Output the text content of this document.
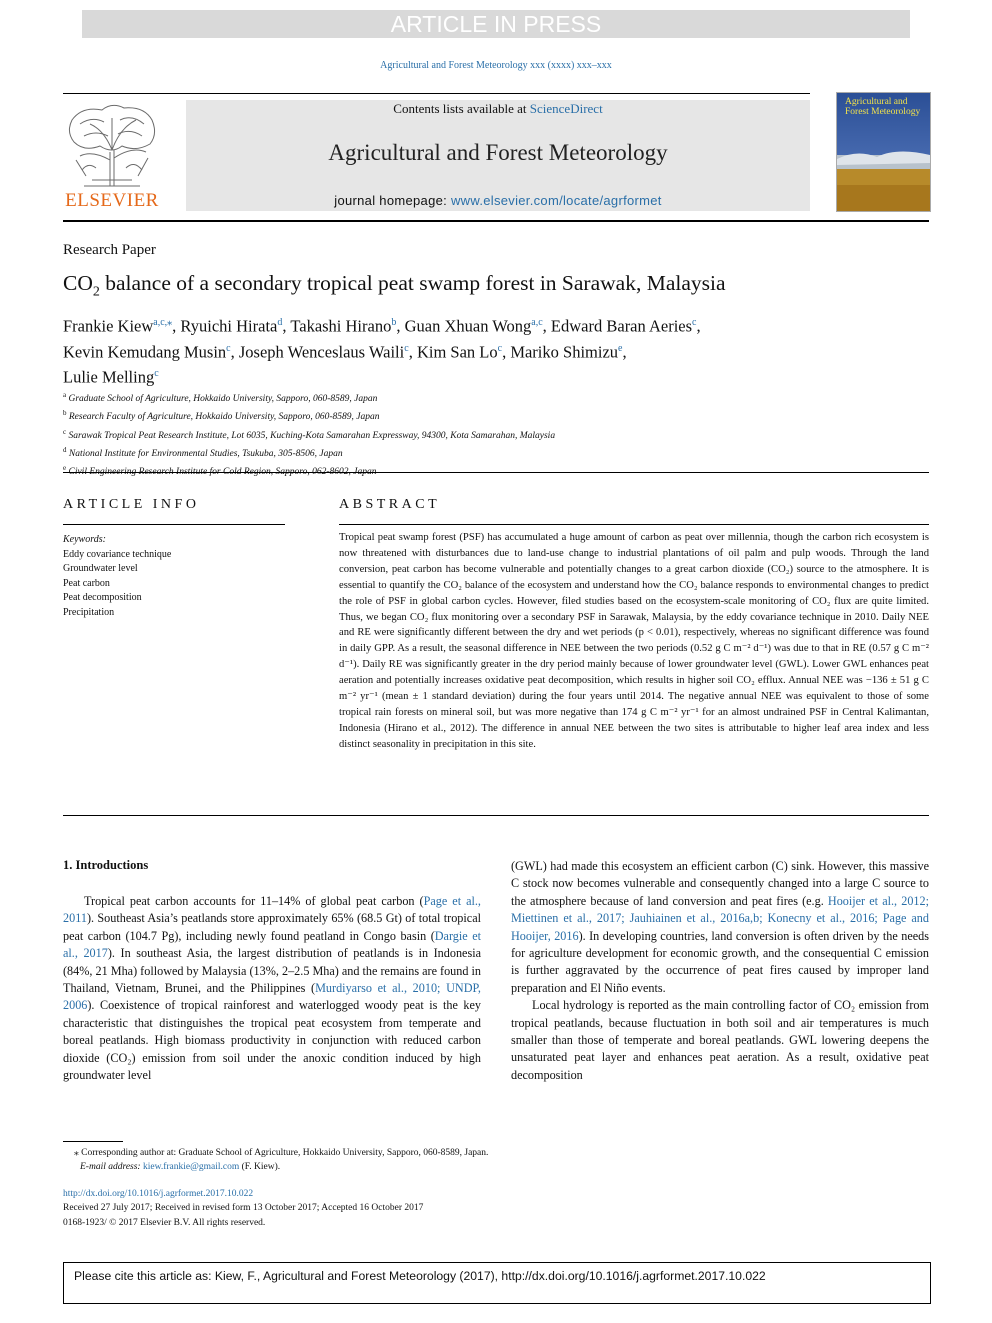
ARTICLE IN PRESS
Agricultural and Forest Meteorology xxx (xxxx) xxx–xxx
ELSEVIER
Contents lists available at ScienceDirect
Agricultural and Forest Meteorology
journal homepage: www.elsevier.com/locate/agrformet
Agricultural and Forest Meteorology
Research Paper
$CO_2$ balance of a secondary tropical peat swamp forest in Sarawak, Malaysia
Frankie Kiew$^{a,c,⁎}$, Ryuichi Hirata$^d$, Takashi Hirano$^b$, Guan Xhuan Wong$^{a,c}$, Edward Baran Aeries$^c$,
Kevin Kemudang Musin$^c$, Joseph Wenceslaus Waili$^c$, Kim San Lo$^c$, Mariko Shimizu$^e$,
Lulie Melling$^c$
$^a$ Graduate School of Agriculture, Hokkaido University, Sapporo, 060-8589, Japan
$^b$ Research Faculty of Agriculture, Hokkaido University, Sapporo, 060-8589, Japan
$^c$ Sarawak Tropical Peat Research Institute, Lot 6035, Kuching-Kota Samarahan Expressway, 94300, Kota Samarahan, Malaysia
$^d$ National Institute for Environmental Studies, Tsukuba, 305-8506, Japan
$^e$
ARTICLE INFO
Keywords:
Eddy covariance technique
Groundwater level
Peat carbon
Peat decomposition
Precipitation
ABSTRACT
Tropical peat swamp forest (PSF) has accumulated a huge amount of carbon as peat over millennia, though the carbon rich ecosystem is now threatened with disturbances due to land-use change to industrial plantations of oil palm and pulp woods. Through the land conversion, peat carbon has become vulnerable and potentially changes to a great carbon dioxide (CO₂) source to the atmosphere. It is essential to quantify the CO₂ balance of the ecosystem and understand how the CO₂ balance responds to environmental changes to predict the role of PSF in global carbon cycles. However, filed studies based on the ecosystem-scale monitoring of CO₂ flux are quite limited. Thus, we began CO₂ flux monitoring over a secondary PSF in Sarawak, Malaysia, by the eddy covariance technique in 2010. Daily NEE and RE were significantly different between the dry and wet periods (p < 0.01), respectively, whereas no significant difference was found in daily GPP. As a result, the seasonal difference in NEE between the two periods (0.52 g C m⁻² d⁻¹) was due to that in RE (0.57 g C m⁻² d⁻¹). Daily RE was significantly greater in the dry period mainly because of lower groundwater level (GWL). Lower GWL enhances peat aeration and potentially increases oxidative peat decomposition, which results in higher soil CO₂ efflux. Annual NEE was −136 ± 51 g C m⁻² yr⁻¹ (mean ± 1 standard deviation) during the four years until 2014. The negative annual NEE was equivalent to those of some tropical rain forests on mineral soil, but was more negative than 174 g C m⁻² yr⁻¹ for an almost undrained PSF in Central Kalimantan, Indonesia (Hirano et al., 2012). The difference in annual NEE between the two sites is attributable to higher leaf area index and less distinct seasonality in precipitation in this site.
1. Introductions

Tropical peat carbon accounts for 11–14% of global peat carbon (Page et al., 2011). Southeast Asia’s peatlands store approximately 65% (68.5 Gt) of total tropical peat carbon (104.7 Pg), including newly found peatland in Congo basin (Dargie et al., 2017). In southeast Asia, the largest distribution of peatlands is in Indonesia (84%, 21 Mha) followed by Malaysia (13%, 2–2.5 Mha) and the remains are found in Thailand, Vietnam, Brunei, and the Philippines (Murdiyarso et al., 2010; UNDP, 2006). Coexistence of tropical rainforest and waterlogged woody peat is the key characteristic that distinguishes the tropical peat ecosystem from temperate and boreal peatlands. High biomass productivity in conjunction with reduced carbon dioxide (CO₂) emission from soil under the anoxic condition induced by high groundwater level

(GWL) had made this ecosystem an efficient carbon (C) sink. However, this massive C stock now becomes vulnerable and consequently changed into a large C source to the atmosphere because of land conversion and peat fires (e.g. Hooijer et al., 2012; Miettinen et al., 2017; Jauhiainen et al., 2016a,b; Konecny et al., 2016; Page and Hooijer, 2016). In developing countries, land conversion is often driven by the needs for agriculture development for economic growth, and the consequential C emission is further aggravated by the occurrence of peat fires caused by improper land preparation and El Niño events.

Local hydrology is reported as the main controlling factor of CO₂ emission from tropical peatlands, because fluctuation in both soil and air temperatures is much smaller than those of temperate and boreal peatlands. GWL lowering deepens the unsaturated peat layer and enhances peat aeration. As a result, oxidative peat decomposition

⁎ Corresponding author at: Graduate School of Agriculture, Hokkaido University, Sapporo, 060-8589, Japan.
E-mail address: kiew.frankie@gmail.com (F. Kiew).
http://dx.doi.org/10.1016/j.agrformet.2017.10.022
Received 27 July 2017; Received in revised form 13 October 2017; Accepted 16 October 2017
0168-1923/ © 2017 Elsevier B.V. All rights reserved.
Please cite this article as: Kiew, F., Agricultural and Forest Meteorology (2017), http://dx.doi.org/10.1016/j.agrformet.2017.10.022
